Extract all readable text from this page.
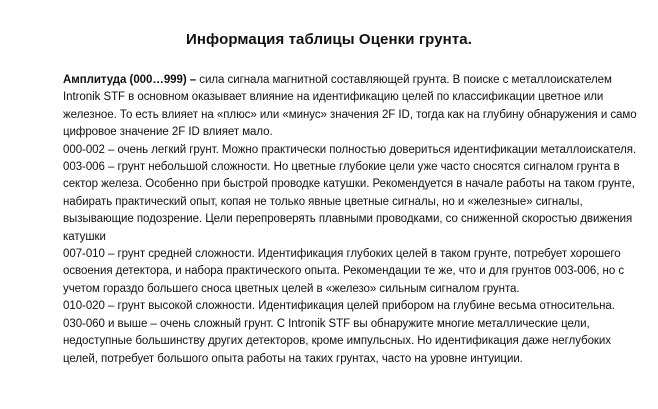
Информация таблицы Оценки грунта.

Амплитуда (000…999) – сила сигнала магнитной составляющей грунта. В поиске с металлоискателем Intronik STF в основном оказывает влияние на идентификацию целей по классификации цветное или железное. То есть влияет на «плюс» или «минус» значения 2F ID, тогда как на глубину обнаружения и само цифровое значение 2F ID влияет мало.

000-002 – очень легкий грунт. Можно практически полностью довериться идентификации металлоискателя.

003-006 – грунт небольшой сложности. Но цветные глубокие цели уже часто сносятся сигналом грунта в сектор железа. Особенно при быстрой проводке катушки. Рекомендуется в начале работы на таком грунте, набирать практический опыт, копая не только явные цветные сигналы, но и «железные» сигналы, вызывающие подозрение. Цели перепроверять плавными проводками, со сниженной скоростью движения катушки

007-010 – грунт средней сложности. Идентификация глубоких целей в таком грунте, потребует хорошего освоения детектора, и набора практического опыта. Рекомендации те же, что и для грунтов 003-006, но с учетом гораздо большего сноса цветных целей в «железо» сильным сигналом грунта.

010-020 – грунт высокой сложности. Идентификация целей прибором на глубине весьма относительна.

030-060 и выше – очень сложный грунт. С Intronik STF вы обнаружите многие металлические цели, недоступные большинству других детекторов, кроме импульсных. Но идентификация даже неглубоких целей, потребует большого опыта работы на таких грунтах, часто на уровне интуиции.
